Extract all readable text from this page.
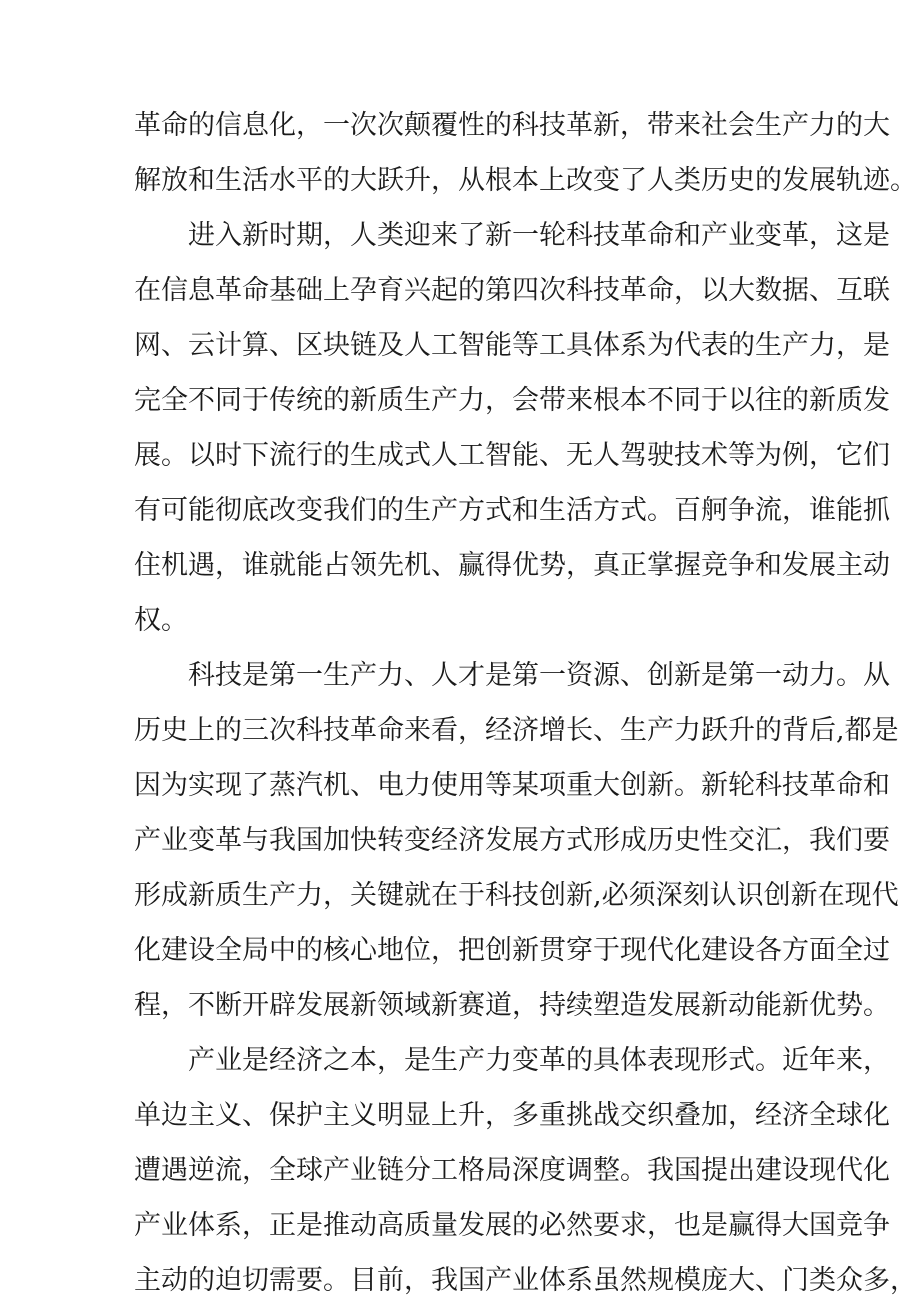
革命的信息化，一次次颠覆性的科技革新，带来社会生产力的大
解放和生活水平的大跃升，从根本上改变了人类历史的发展轨迹。
进入新时期，人类迎来了新一轮科技革命和产业变革，这是
在信息革命基础上孕育兴起的第四次科技革命，以大数据、互联
网、云计算、区块链及人工智能等工具体系为代表的生产力，是
完全不同于传统的新质生产力，会带来根本不同于以往的新质发
展。以时下流行的生成式人工智能、无人驾驶技术等为例，它们
有可能彻底改变我们的生产方式和生活方式。百舸争流，谁能抓
住机遇，谁就能占领先机、赢得优势，真正掌握竞争和发展主动
权。
科技是第一生产力、人才是第一资源、创新是第一动力。从
历史上的三次科技革命来看，经济增长、生产力跃升的背后,都是
因为实现了蒸汽机、电力使用等某项重大创新。新轮科技革命和
产业变革与我国加快转变经济发展方式形成历史性交汇，我们要
形成新质生产力，关键就在于科技创新,必须深刻认识创新在现代
化建设全局中的核心地位，把创新贯穿于现代化建设各方面全过
程，不断开辟发展新领域新赛道，持续塑造发展新动能新优势。
产业是经济之本，是生产力变革的具体表现形式。近年来，
单边主义、保护主义明显上升，多重挑战交织叠加，经济全球化
遭遇逆流，全球产业链分工格局深度调整。我国提出建设现代化
产业体系，正是推动高质量发展的必然要求，也是赢得大国竞争
主动的迫切需要。目前，我国产业体系虽然规模庞大、门类众多，
